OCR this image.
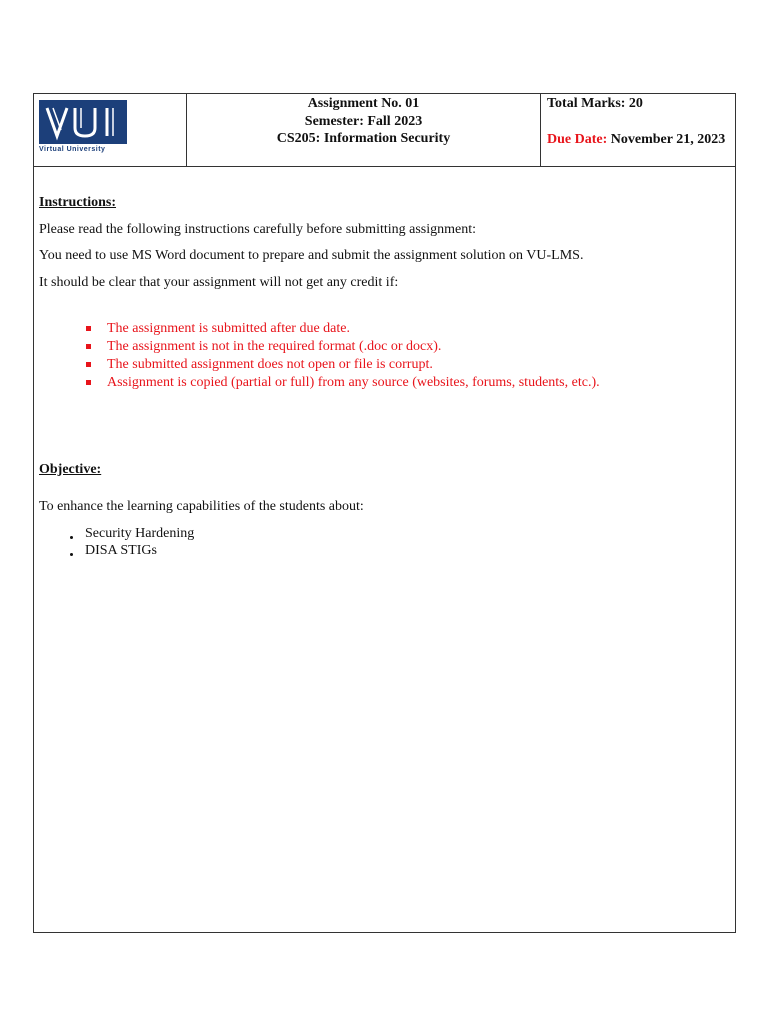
Virtual University
Assignment No. 01
Semester: Fall 2023
CS205: Information Security
Total Marks: 20
Due Date: November 21, 2023
Instructions:
Please read the following instructions carefully before submitting assignment:
You need to use MS Word document to prepare and submit the assignment solution on VU-LMS.
It should be clear that your assignment will not get any credit if:
The assignment is submitted after due date.
The assignment is not in the required format (.doc or docx).
The submitted assignment does not open or file is corrupt.
Assignment is copied (partial or full) from any source (websites, forums, students, etc.).
Objective:
To enhance the learning capabilities of the students about:
Security Hardening
DISA STIGs
